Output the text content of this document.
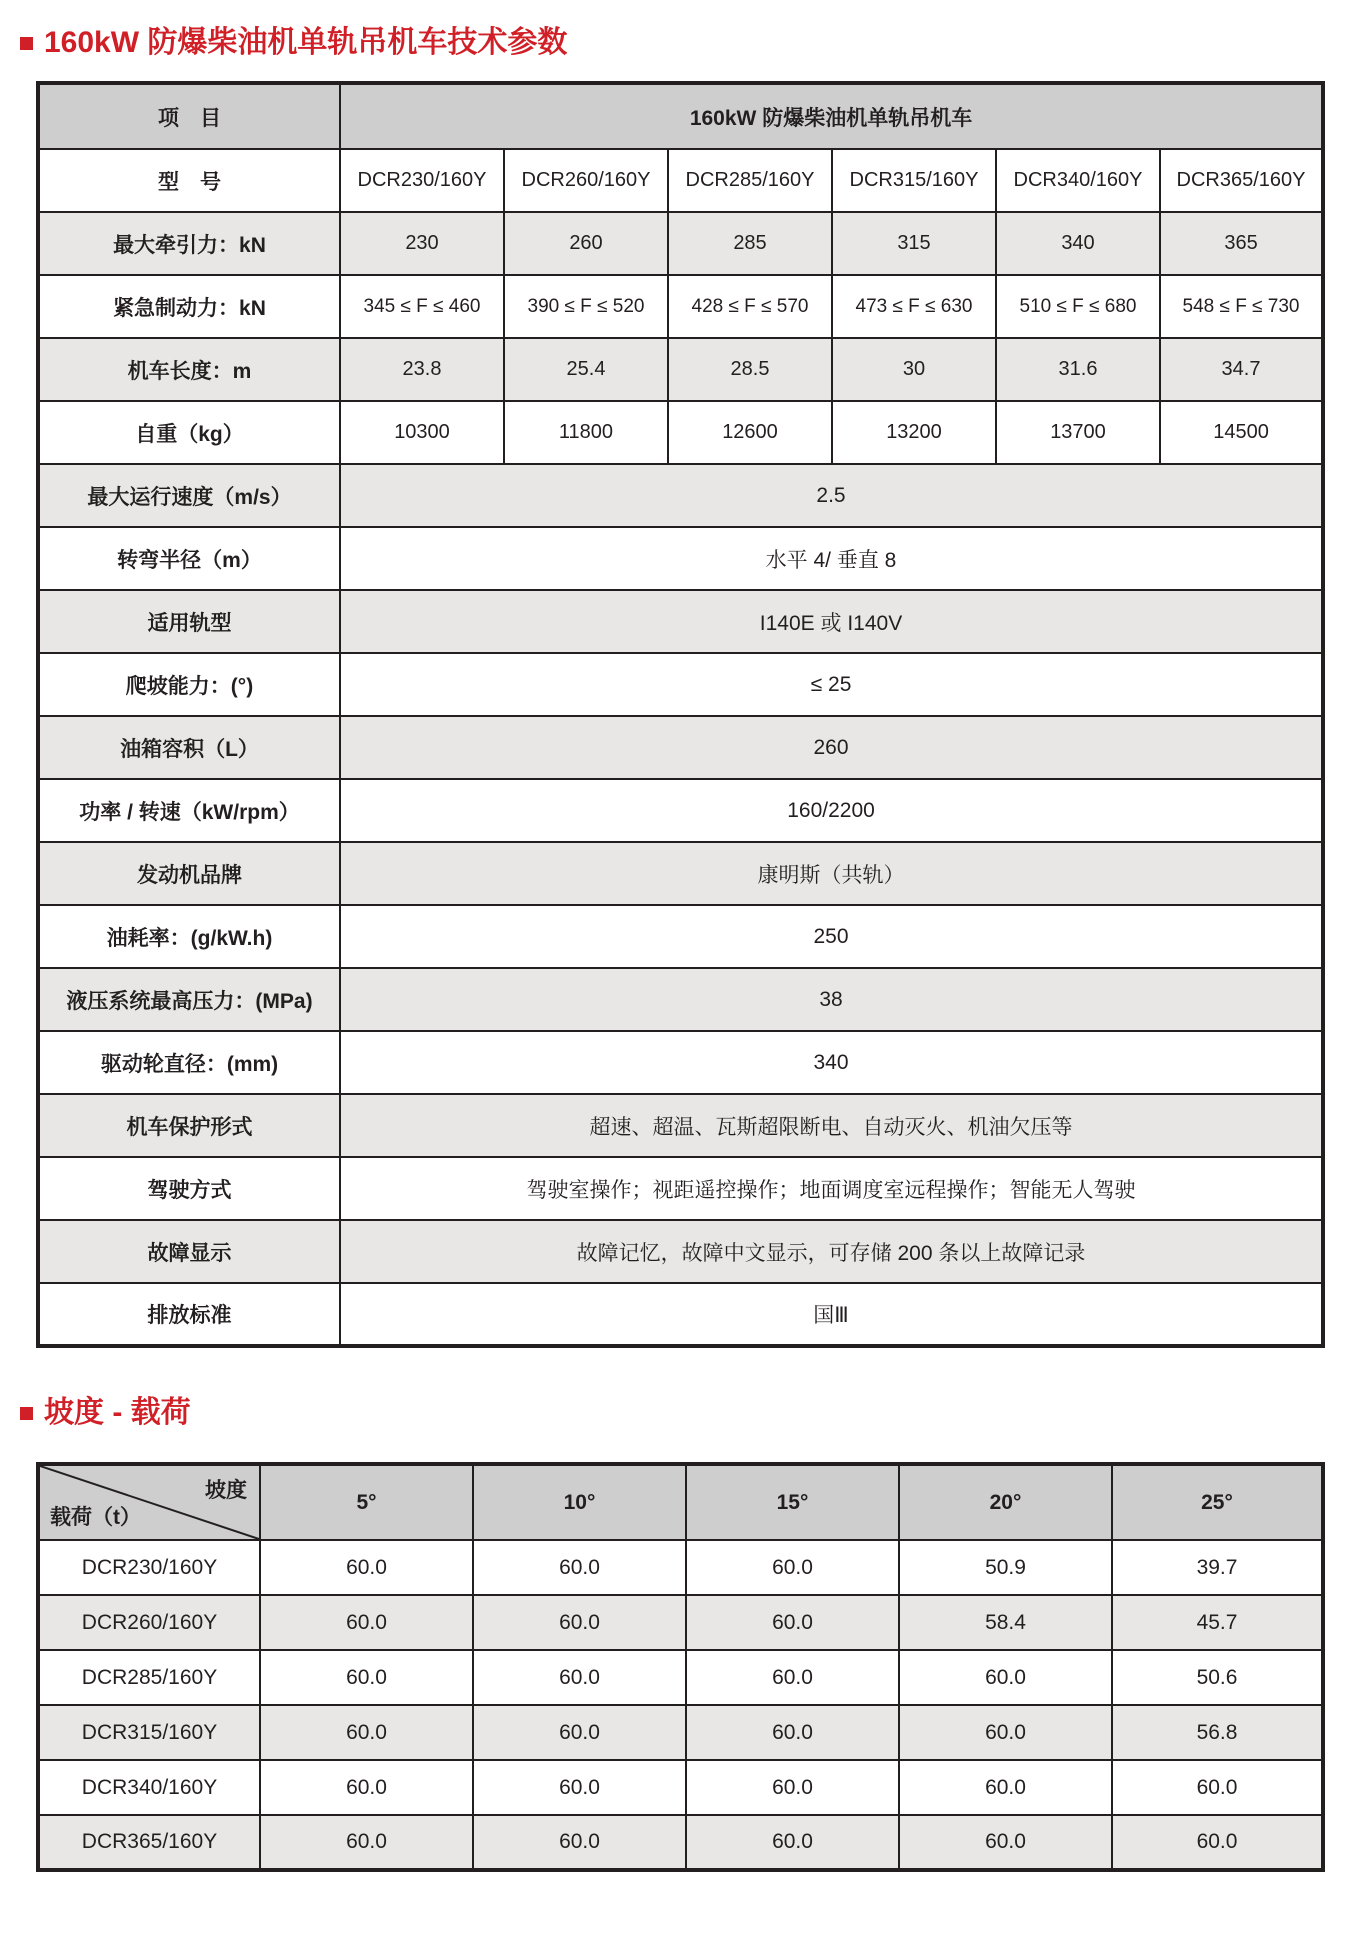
160kW 防爆柴油机单轨吊机车技术参数
项　目	160kW 防爆柴油机单轨吊机车					
型　号	DCR230/160Y	DCR260/160Y	DCR285/160Y	DCR315/160Y	DCR340/160Y	DCR365/160Y
最大牵引力：kN	230	260	285	315	340	365
紧急制动力：kN	345 ≤ F ≤ 460	390 ≤ F ≤ 520	428 ≤ F ≤ 570	473 ≤ F ≤ 630	510 ≤ F ≤ 680	548 ≤ F ≤ 730
机车长度：m	23.8	25.4	28.5	30	31.6	34.7
自重（kg）	10300	11800	12600	13200	13700	14500
最大运行速度（m/s）	2.5					
转弯半径（m）	水平 4/ 垂直 8					
适用轨型	I140E 或 I140V					
爬坡能力：(°)	≤ 25					
油箱容积（L）	260					
功率 / 转速（kW/rpm）	160/2200					
发动机品牌	康明斯（共轨）					
油耗率：(g/kW.h)	250					
液压系统最高压力：(MPa)	38					
驱动轮直径：(mm)	340					
机车保护形式	超速、超温、瓦斯超限断电、自动灭火、机油欠压等					
驾驶方式	驾驶室操作；视距遥控操作；地面调度室远程操作；智能无人驾驶					
故障显示	故障记忆，故障中文显示，可存储 200 条以上故障记录					
排放标准	国Ⅲ					
坡度 - 载荷
坡度
载荷（t）	5°	10°	15°	20°	25°
DCR230/160Y	60.0	60.0	60.0	50.9	39.7
DCR260/160Y	60.0	60.0	60.0	58.4	45.7
DCR285/160Y	60.0	60.0	60.0	60.0	50.6
DCR315/160Y	60.0	60.0	60.0	60.0	56.8
DCR340/160Y	60.0	60.0	60.0	60.0	60.0
DCR365/160Y	60.0	60.0	60.0	60.0	60.0
